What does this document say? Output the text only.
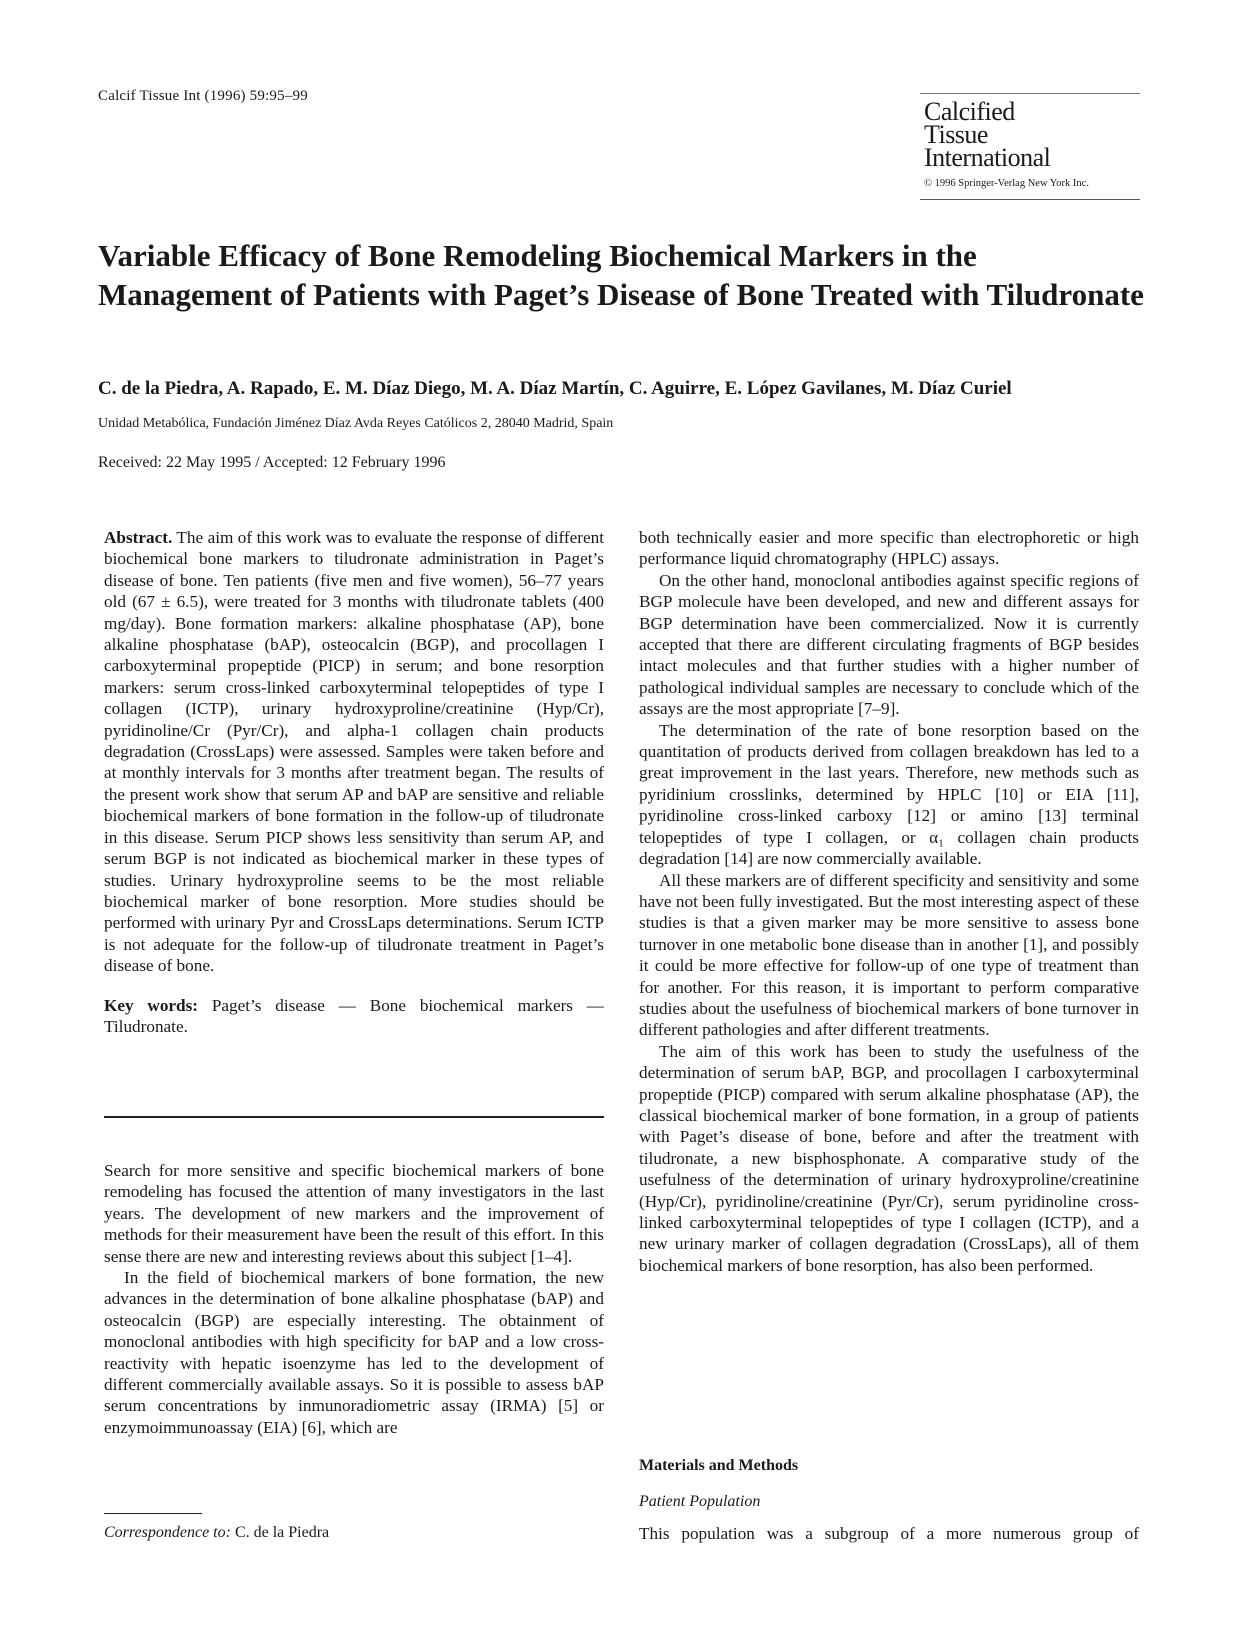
Calcif Tissue Int (1996) 59:95–99
Calcified
Tissue
International
© 1996 Springer-Verlag New York Inc.
Variable Efficacy of Bone Remodeling Biochemical Markers in the Management of Patients with Paget’s Disease of Bone Treated with Tiludronate
C. de la Piedra, A. Rapado, E. M. Díaz Diego, M. A. Díaz Martín, C. Aguirre, E. López Gavilanes, M. Díaz Curiel
Unidad Metabólica, Fundación Jiménez Díaz Avda Reyes Católicos 2, 28040 Madrid, Spain
Received: 22 May 1995 / Accepted: 12 February 1996

Abstract. The aim of this work was to evaluate the response of different biochemical bone markers to tiludronate administration in Paget’s disease of bone. Ten patients (five men and five women), 56–77 years old (67 ± 6.5), were treated for 3 months with tiludronate tablets (400 mg/day). Bone formation markers: alkaline phosphatase (AP), bone alkaline phosphatase (bAP), osteocalcin (BGP), and procollagen I carboxyterminal propeptide (PICP) in serum; and bone resorption markers: serum cross-linked carboxyterminal telopeptides of type I collagen (ICTP), urinary hydroxyproline/creatinine (Hyp/Cr), pyridinoline/Cr (Pyr/Cr), and alpha-1 collagen chain products degradation (CrossLaps) were assessed. Samples were taken before and at monthly intervals for 3 months after treatment began. The results of the present work show that serum AP and bAP are sensitive and reliable biochemical markers of bone formation in the follow-up of tiludronate in this disease. Serum PICP shows less sensitivity than serum AP, and serum BGP is not indicated as biochemical marker in these types of studies. Urinary hydroxyproline seems to be the most reliable biochemical marker of bone resorption. More studies should be performed with urinary Pyr and CrossLaps determinations. Serum ICTP is not adequate for the follow-up of tiludronate treatment in Paget’s disease of bone.

Key words: Paget’s disease — Bone biochemical markers — Tiludronate.

Search for more sensitive and specific biochemical markers of bone remodeling has focused the attention of many investigators in the last years. The development of new markers and the improvement of methods for their measurement have been the result of this effort. In this sense there are new and interesting reviews about this subject [1–4].

In the field of biochemical markers of bone formation, the new advances in the determination of bone alkaline phosphatase (bAP) and osteocalcin (BGP) are especially interesting. The obtainment of monoclonal antibodies with high specificity for bAP and a low cross-reactivity with hepatic isoenzyme has led to the development of different commercially available assays. So it is possible to assess bAP serum concentrations by inmunoradiometric assay (IRMA) [5] or enzymoimmunoassay (EIA) [6], which are

both technically easier and more specific than electrophoretic or high performance liquid chromatography (HPLC) assays.

On the other hand, monoclonal antibodies against specific regions of BGP molecule have been developed, and new and different assays for BGP determination have been commercialized. Now it is currently accepted that there are different circulating fragments of BGP besides intact molecules and that further studies with a higher number of pathological individual samples are necessary to conclude which of the assays are the most appropriate [7–9].

The determination of the rate of bone resorption based on the quantitation of products derived from collagen breakdown has led to a great improvement in the last years. Therefore, new methods such as pyridinium crosslinks, determined by HPLC [10] or EIA [11], pyridinoline cross-linked carboxy [12] or amino [13] terminal telopeptides of type I collagen, or α₁ collagen chain products degradation [14] are now commercially available.

All these markers are of different specificity and sensitivity and some have not been fully investigated. But the most interesting aspect of these studies is that a given marker may be more sensitive to assess bone turnover in one metabolic bone disease than in another [1], and possibly it could be more effective for follow-up of one type of treatment than for another. For this reason, it is important to perform comparative studies about the usefulness of biochemical markers of bone turnover in different pathologies and after different treatments.

The aim of this work has been to study the usefulness of the determination of serum bAP, BGP, and procollagen I carboxyterminal propeptide (PICP) compared with serum alkaline phosphatase (AP), the classical biochemical marker of bone formation, in a group of patients with Paget’s disease of bone, before and after the treatment with tiludronate, a new bisphosphonate. A comparative study of the usefulness of the determination of urinary hydroxyproline/creatinine (Hyp/Cr), pyridinoline/creatinine (Pyr/Cr), serum pyridinoline cross-linked carboxyterminal telopeptides of type I collagen (ICTP), and a new urinary marker of collagen degradation (CrossLaps), all of them biochemical markers of bone resorption, has also been performed.

Materials and Methods
Patient Population
This population was a subgroup of a more numerous group of
Correspondence to: C. de la Piedra
